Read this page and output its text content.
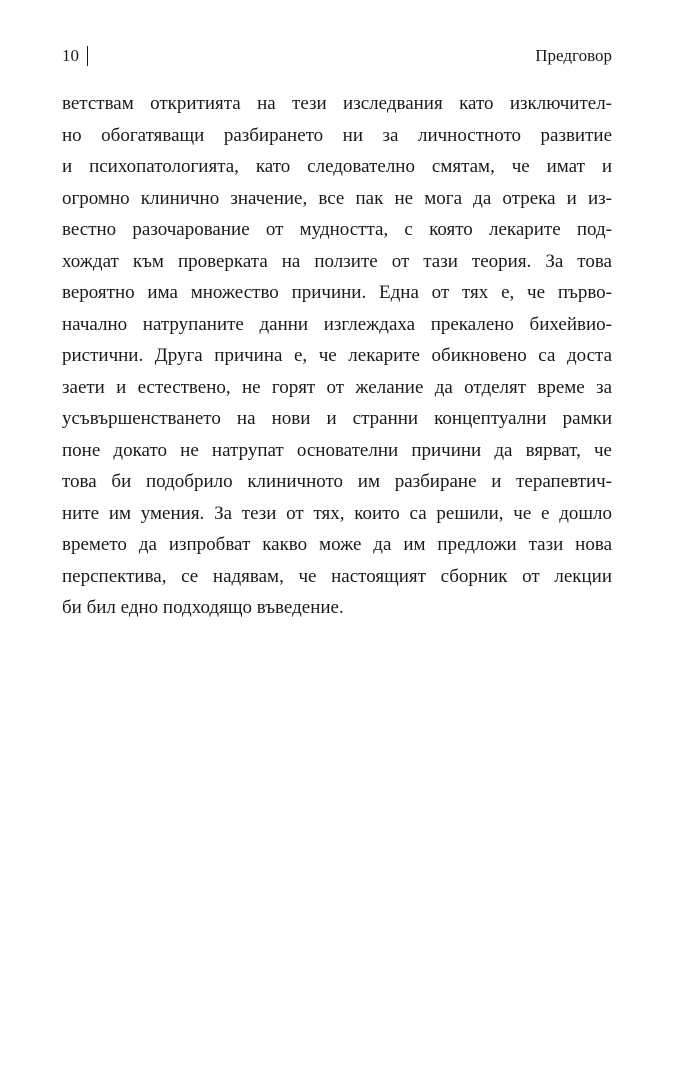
10	Предговор
ветствам откритията на тези изследвания като изключител-
но обогатяващи разбирането ни за личностното развитие
и психопатологията, като следователно смятам, че имат и
огромно клинично значение, все пак не мога да отрека и из-
вестно разочарование от мудността, с която лекарите под-
хождат към проверката на ползите от тази теория. За това
вероятно има множество причини. Една от тях е, че първо-
начално натрупаните данни изглеждаха прекалено бихейвио-
ристични. Друга причина е, че лекарите обикновено са доста
заети и естествено, не горят от желание да отделят време за
усъвършенстването на нови и странни концептуални рамки
поне докато не натрупат основателни причини да вярват, че
това би подобрило клиничното им разбиране и терапевтич-
ните им умения. За тези от тях, които са решили, че е дошло
времето да изпробват какво може да им предложи тази нова
перспектива, се надявам, че настоящият сборник от лекции
би бил едно подходящо въведение.
